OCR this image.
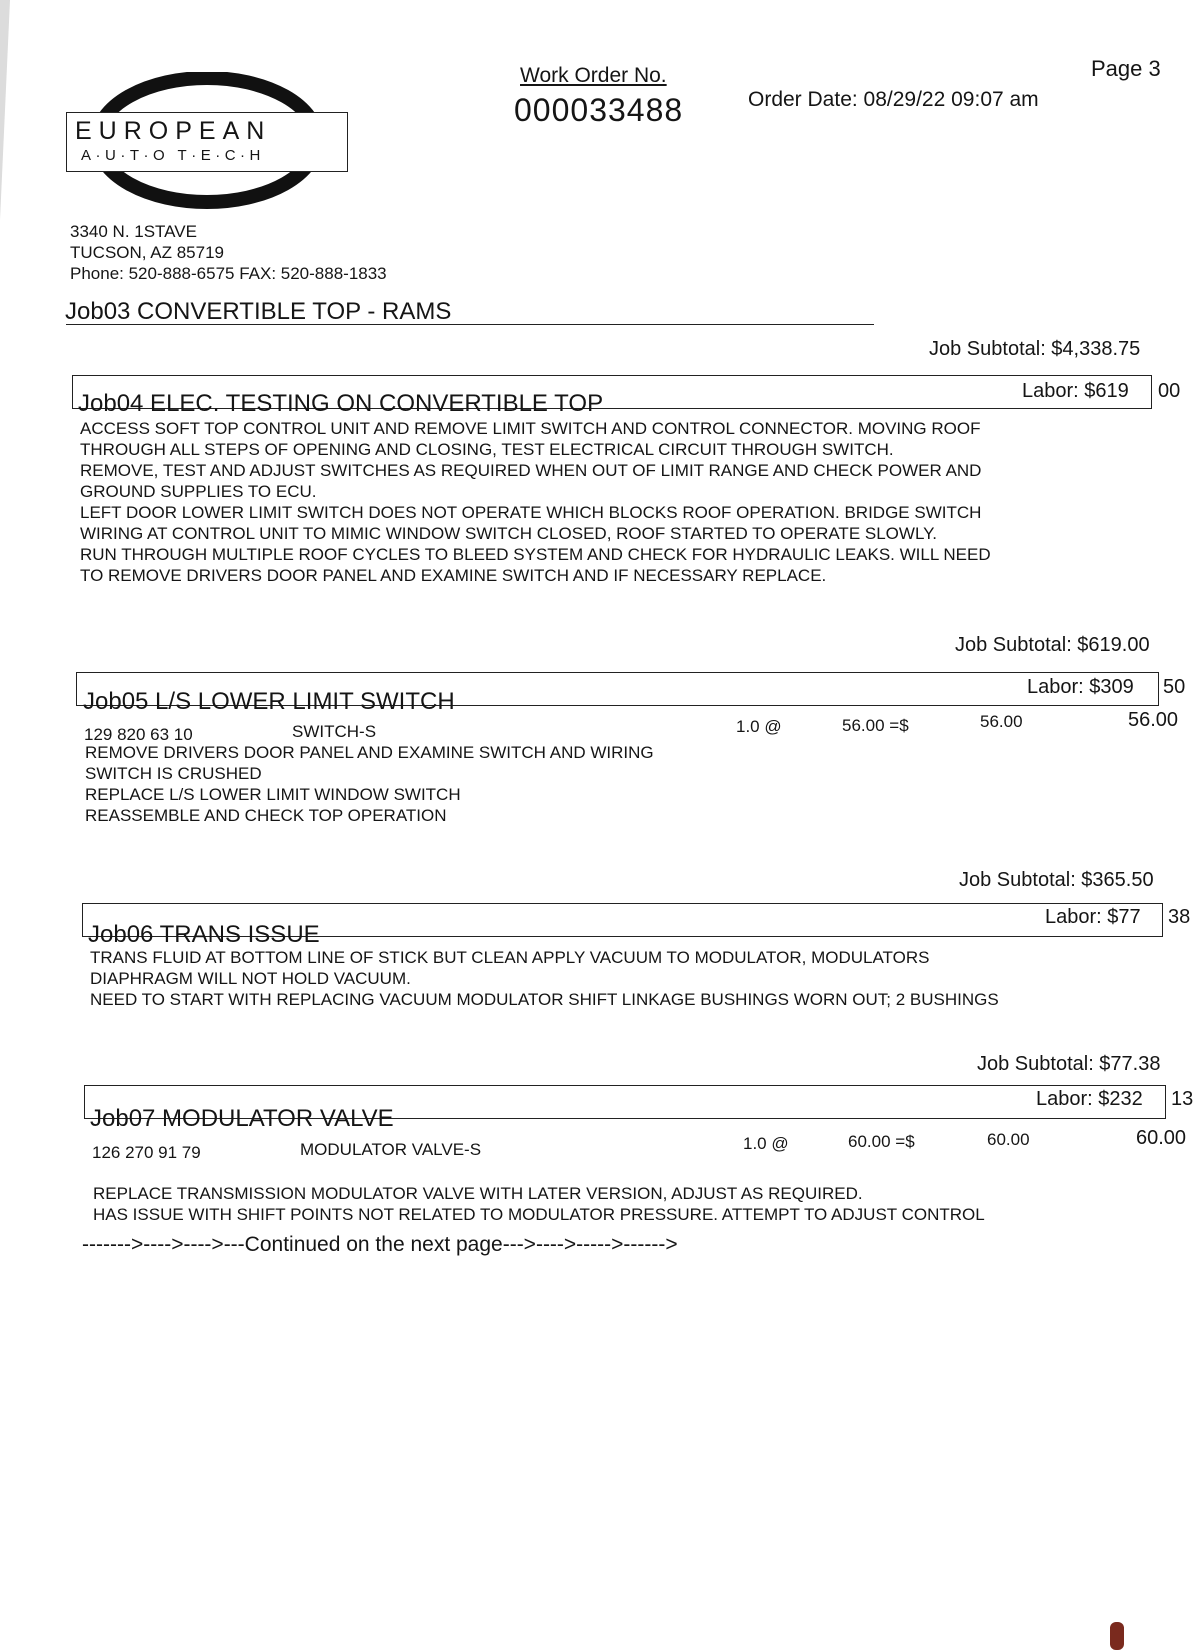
EUROPEAN
A·U·T·O T·E·C·H
3340 N. 1STAVE
TUCSON, AZ 85719
Phone: 520-888-6575 FAX: 520-888-1833
Work Order No.
000033488	Order Date: 08/29/22 09:07 am
Page 3
Job03 CONVERTIBLE TOP - RAMS
Job Subtotal: $4,338.75
Job04 ELEC. TESTING ON CONVERTIBLE TOP	Labor: $619 00
ACCESS SOFT TOP CONTROL UNIT AND REMOVE LIMIT SWITCH AND CONTROL CONNECTOR. MOVING ROOF
THROUGH ALL STEPS OF OPENING AND CLOSING, TEST ELECTRICAL CIRCUIT THROUGH SWITCH.
REMOVE, TEST AND ADJUST SWITCHES AS REQUIRED WHEN OUT OF LIMIT RANGE AND CHECK POWER AND
GROUND SUPPLIES TO ECU.
LEFT DOOR LOWER LIMIT SWITCH DOES NOT OPERATE WHICH BLOCKS ROOF OPERATION. BRIDGE SWITCH
WIRING AT CONTROL UNIT TO MIMIC WINDOW SWITCH CLOSED, ROOF STARTED TO OPERATE SLOWLY.
RUN THROUGH MULTIPLE ROOF CYCLES TO BLEED SYSTEM AND CHECK FOR HYDRAULIC LEAKS. WILL NEED
TO REMOVE DRIVERS DOOR PANEL AND EXAMINE SWITCH AND IF NECESSARY REPLACE.
Job Subtotal: $619.00
Job05 L/S LOWER LIMIT SWITCH
Labor: $309 50
129 820 63 10	SWITCH-S	1.0 @	56.00 =$	56.00	56.00
REMOVE DRIVERS DOOR PANEL AND EXAMINE SWITCH AND WIRING
SWITCH IS CRUSHED
REPLACE L/S LOWER LIMIT WINDOW SWITCH
REASSEMBLE AND CHECK TOP OPERATION
Job Subtotal: $365.50
Job06 TRANS ISSUE
Labor: $77 38
TRANS FLUID AT BOTTOM LINE OF STICK BUT CLEAN APPLY VACUUM TO MODULATOR, MODULATORS
DIAPHRAGM WILL NOT HOLD VACUUM.
NEED TO START WITH REPLACING VACUUM MODULATOR SHIFT LINKAGE BUSHINGS WORN OUT; 2 BUSHINGS
Job Subtotal: $77.38
Job07 MODULATOR VALVE
Labor: $232 13
126 270 91 79	MODULATOR VALVE-S	1.0 @	60.00 =$	60.00	60.00
REPLACE TRANSMISSION MODULATOR VALVE WITH LATER VERSION, ADJUST AS REQUIRED.
HAS ISSUE WITH SHIFT POINTS NOT RELATED TO MODULATOR PRESSURE. ATTEMPT TO ADJUST CONTROL
------->---->---->---Continued on the next page--->---->----->------>
